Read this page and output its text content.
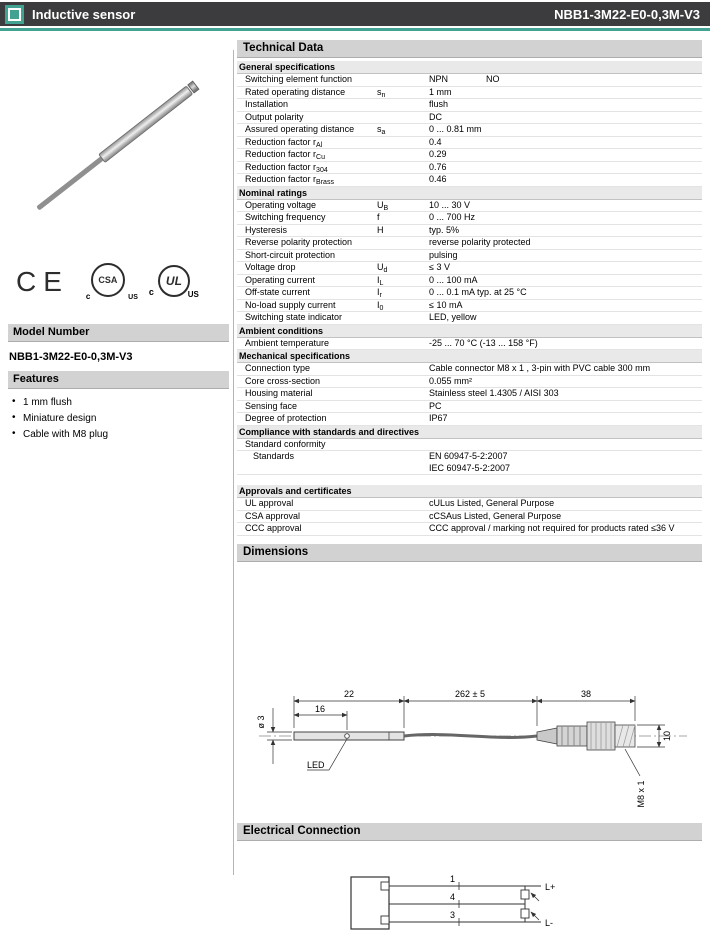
Inductive sensor	NBB1-3M22-E0-0,3M-V3
CE	CSA
c	US
c
UL
US
Model Number
NBB1-3M22-E0-0,3M-V3
Features
• 1 mm flush
• Miniature design
• Cable with M8 plug
Technical Data
General specifications
Switching element function	NPN	NO
Rated operating distance	$s_n$	1 mm
Installation	flush
Output polarity	DC
Assured operating distance	$s_a$	0 ... 0.81 mm
Reduction factor $r_{Al}$	0.4
Reduction factor $r_{Cu}$	0.29
Reduction factor $r_{304}$	0.76
Reduction factor $r_{Brass}$	0.46
Nominal ratings
Operating voltage	$U_B$	10 ... 30 V
Switching frequency	f	0 ... 700 Hz
Hysteresis	H	typ. 5%
Reverse polarity protection	reverse polarity protected
Short-circuit protection	pulsing
Voltage drop	$U_d$	≤ 3 V
Operating current	$I_L$	0 ... 100 mA
Off-state current	$I_r$	0 ... 0.1 mA typ. at 25 °C
No-load supply current	$I_0$	≤ 10 mA
Switching state indicator	LED, yellow
Ambient conditions
Ambient temperature	-25 ... 70 °C (-13 ... 158 °F)
Mechanical specifications
Connection type	Cable connector M8 x 1 , 3-pin with PVC cable 300 mm
Core cross-section	0.055 mm²
Housing material	Stainless steel 1.4305 / AISI 303
Sensing face	PC
Degree of protection	IP67
Compliance with standards and directives
Standard conformity
Standards	EN 60947-5-2:2007
IEC 60947-5-2:2007
Approvals and certificates
UL approval	cULus Listed, General Purpose
CSA approval	cCSAus Listed, General Purpose
CCC approval	CCC approval / marking not required for products rated ≤36 V
Dimensions
22
16
262 ± 5	38
ø 3
10
M8 x 1
LED
Electrical Connection
1
4
3
L+
L-
